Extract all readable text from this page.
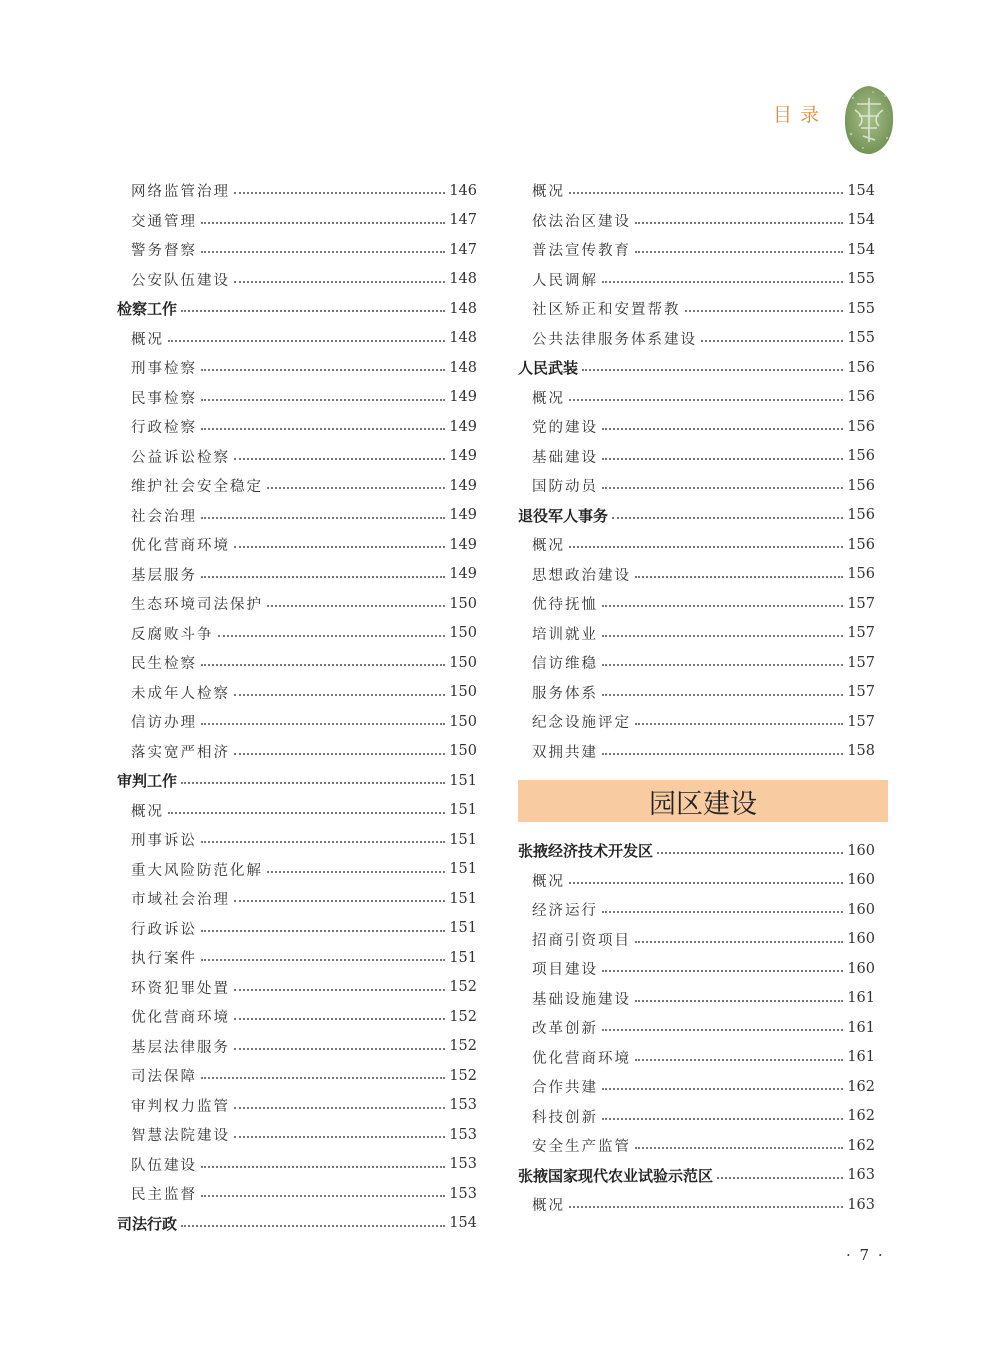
目录
网络监管治理	146
交通管理	147
警务督察	147
公安队伍建设	148
检察工作	148
概况	148
刑事检察	148
民事检察	149
行政检察	149
公益诉讼检察	149
维护社会安全稳定	149
社会治理	149
优化营商环境	149
基层服务	149
生态环境司法保护	150
反腐败斗争	150
民生检察	150
未成年人检察	150
信访办理	150
落实宽严相济	150
审判工作	151
概况	151
刑事诉讼	151
重大风险防范化解	151
市域社会治理	151
行政诉讼	151
执行案件	151
环资犯罪处置	152
优化营商环境	152
基层法律服务	152
司法保障	152
审判权力监管	153
智慧法院建设	153
队伍建设	153
民主监督	153
司法行政	154
概况	154
依法治区建设	154
普法宣传教育	154
人民调解	155
社区矫正和安置帮教	155
公共法律服务体系建设	155
人民武装	156
概况	156
党的建设	156
基础建设	156
国防动员	156
退役军人事务	156
概况	156
思想政治建设	156
优待抚恤	157
培训就业	157
信访维稳	157
服务体系	157
纪念设施评定	157
双拥共建	158
园区建设
张掖经济技术开发区	160
概况	160
经济运行	160
招商引资项目	160
项目建设	160
基础设施建设	161
改革创新	161
优化营商环境	161
合作共建	162
科技创新	162
安全生产监管	162
张掖国家现代农业试验示范区	163
概况	163
· 7 ·
